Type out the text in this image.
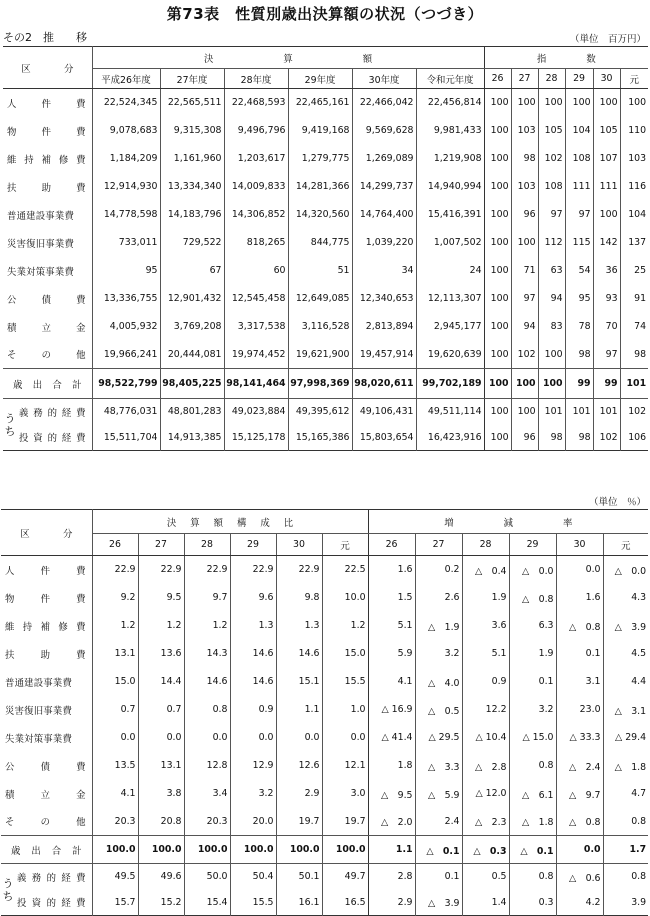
第73表　性質別歳出決算額の状況（つづき）
その2　推　　移	（単位　百万円）
区　分		決算額						指数					
		平成26年度	27年度	28年度	29年度	30年度	令和元年度	26	27	28	29	30	元
人件費		22,524,345	22,565,511	22,468,593	22,465,161	22,466,042	22,456,814	100	100	100	100	100	100
物件費		9,078,683	9,315,308	9,496,796	9,419,168	9,569,628	9,981,433	100	103	105	104	105	110
維持補修費		1,184,209	1,161,960	1,203,617	1,279,775	1,269,089	1,219,908	100	98	102	108	107	103
扶助費		12,914,930	13,334,340	14,009,833	14,281,366	14,299,737	14,940,994	100	103	108	111	111	116
普通建設事業費		14,778,598	14,183,796	14,306,852	14,320,560	14,764,400	15,416,391	100	96	97	97	100	104
災害復旧事業費		733,011	729,522	818,265	844,775	1,039,220	1,007,502	100	100	112	115	142	137
失業対策事業費		95	67	60	51	34	24	100	71	63	54	36	25
公債費		13,336,755	12,901,432	12,545,458	12,649,085	12,340,653	12,113,307	100	97	94	95	93	91
積立金		4,005,932	3,769,208	3,317,538	3,116,528	2,813,894	2,945,177	100	94	83	78	70	74
その他		19,966,241	20,444,081	19,974,452	19,621,900	19,457,914	19,620,639	100	102	100	98	97	98
歳出合計		98,522,799	98,405,225	98,141,464	97,998,369	98,020,611	99,702,189	100	100	100	99	99	101
うち	義務的経費	48,776,031	48,801,283	49,023,884	49,395,612	49,106,431	49,511,114	100	100	101	101	101	102
	投資的経費	15,511,704	14,913,385	15,125,178	15,165,386	15,803,654	16,423,916	100	96	98	98	102	106
（単位　％）
区　分		決算額構成比						増減率					
		26	27	28	29	30	元	26	27	28	29	30	元
人件費		22.9	22.9	22.9	22.9	22.9	22.5	1.6	0.2	△　0.4	△　0.0	0.0	△　0.0
物件費		9.2	9.5	9.7	9.6	9.8	10.0	1.5	2.6	1.9	△　0.8	1.6	4.3
維持補修費		1.2	1.2	1.2	1.3	1.3	1.2	5.1	△　1.9	3.6	6.3	△　0.8	△　3.9
扶助費		13.1	13.6	14.3	14.6	14.6	15.0	5.9	3.2	5.1	1.9	0.1	4.5
普通建設事業費		15.0	14.4	14.6	14.6	15.1	15.5	4.1	△　4.0	0.9	0.1	3.1	4.4
災害復旧事業費		0.7	0.7	0.8	0.9	1.1	1.0	△ 16.9	△　0.5	12.2	3.2	23.0	△　3.1
失業対策事業費		0.0	0.0	0.0	0.0	0.0	0.0	△ 41.4	△ 29.5	△ 10.4	△ 15.0	△ 33.3	△ 29.4
公債費		13.5	13.1	12.8	12.9	12.6	12.1	1.8	△　3.3	△　2.8	0.8	△　2.4	△　1.8
積立金		4.1	3.8	3.4	3.2	2.9	3.0	△　9.5	△　5.9	△ 12.0	△　6.1	△　9.7	4.7
その他		20.3	20.8	20.3	20.0	19.7	19.7	△　2.0	2.4	△　2.3	△　1.8	△　0.8	0.8
歳出合計		100.0	100.0	100.0	100.0	100.0	100.0	1.1	△　0.1	△　0.3	△　0.1	0.0	1.7
うち	義務的経費	49.5	49.6	50.0	50.4	50.1	49.7	2.8	0.1	0.5	0.8	△　0.6	0.8
	投資的経費	15.7	15.2	15.4	15.5	16.1	16.5	2.9	△　3.9	1.4	0.3	4.2	3.9
